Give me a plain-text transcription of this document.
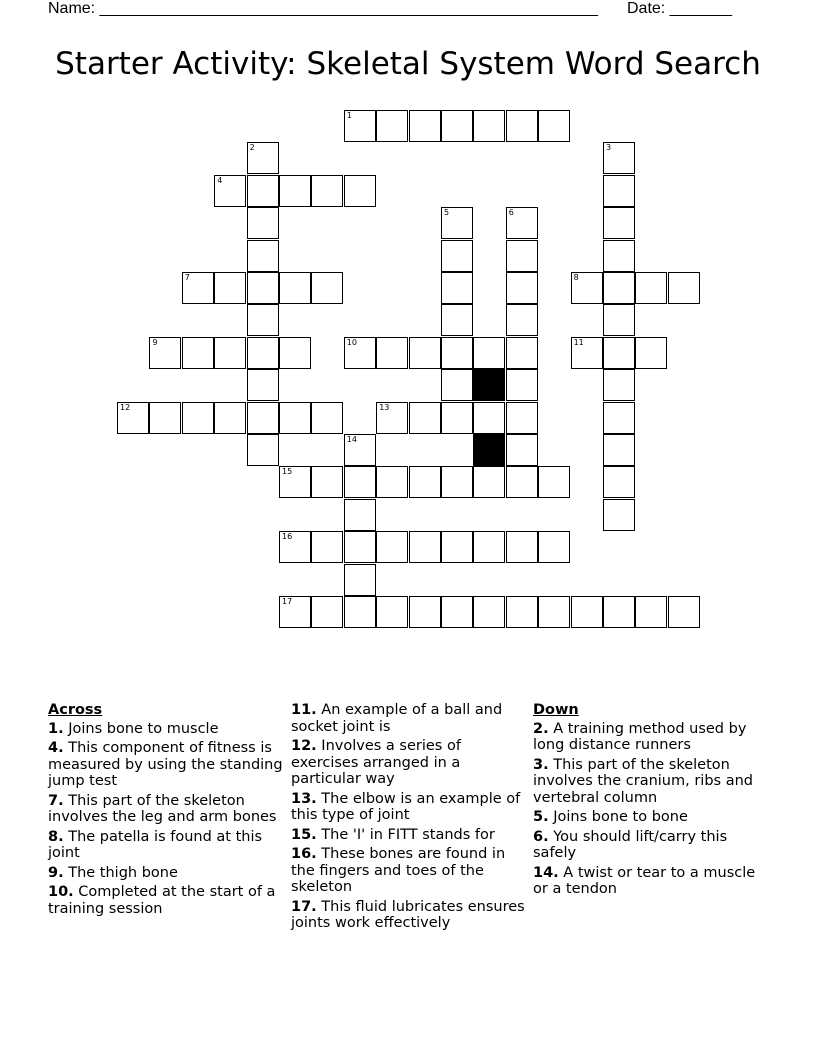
Name: ________________________________________________________ Date: _______
Starter Activity: Skeletal System Word Search
1
2	3
4
5	6
7	8
9	10	11
12	13
14
15
16
17
Across
1. Joins bone to muscle
4. This component of fitness is measured by using the standing jump test
7. This part of the skeleton involves the leg and arm bones
8. The patella is found at this joint
9. The thigh bone
10. Completed at the start of a training session
11. An example of a ball and socket joint is
12. Involves a series of exercises arranged in a particular way
13. The elbow is an example of this type of joint
15. The 'I' in FITT stands for
16. These bones are found in the fingers and toes of the skeleton
17. This fluid lubricates ensures joints work effectively
Down
2. A training method used by long distance runners
3. This part of the skeleton involves the cranium, ribs and vertebral column
5. Joins bone to bone
6. You should lift/carry this safely
14. A twist or tear to a muscle or a tendon
